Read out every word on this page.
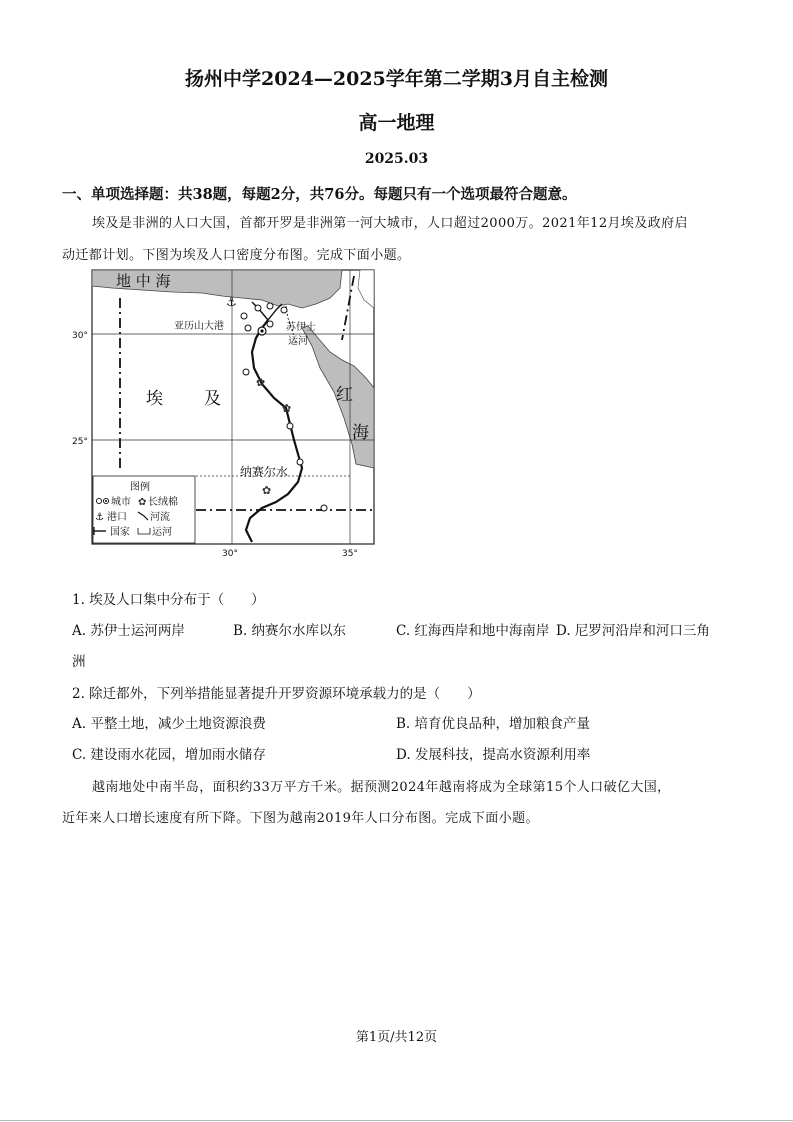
扬州中学2024—2025学年第二学期3月自主检测
高一地理
2025.03
一、单项选择题：共38题，每题2分，共76分。每题只有一个选项最符合题意。
埃及是非洲的人口大国，首都开罗是非洲第一河大城市，人口超过2000万。2021年12月埃及政府启
动迁都计划。下图为埃及人口密度分布图。完成下面小题。
⚓
✿
✿
✿
地 中 海
亚历山大港	苏伊士
运河
埃 及	红
海
纳赛尔水
30°
25°
30°	35°
图例
城市 ✿ 长绒棉
⚓ 港口 河流
国家 运河
1. 埃及人口集中分布于（　　）
A. 苏伊士运河两岸	B. 纳赛尔水库以东	C. 红海西岸和地中海南岸 D. 尼罗河沿岸和河口三角
洲
2. 除迁都外，下列举措能显著提升开罗资源环境承载力的是（　　）
A. 平整土地，减少土地资源浪费	B. 培育优良品种，增加粮食产量
C. 建设雨水花园，增加雨水储存	D. 发展科技，提高水资源利用率
越南地处中南半岛，面积约33万平方千米。据预测2024年越南将成为全球第15个人口破亿大国，
近年来人口增长速度有所下降。下图为越南2019年人口分布图。完成下面小题。
第1页/共12页
